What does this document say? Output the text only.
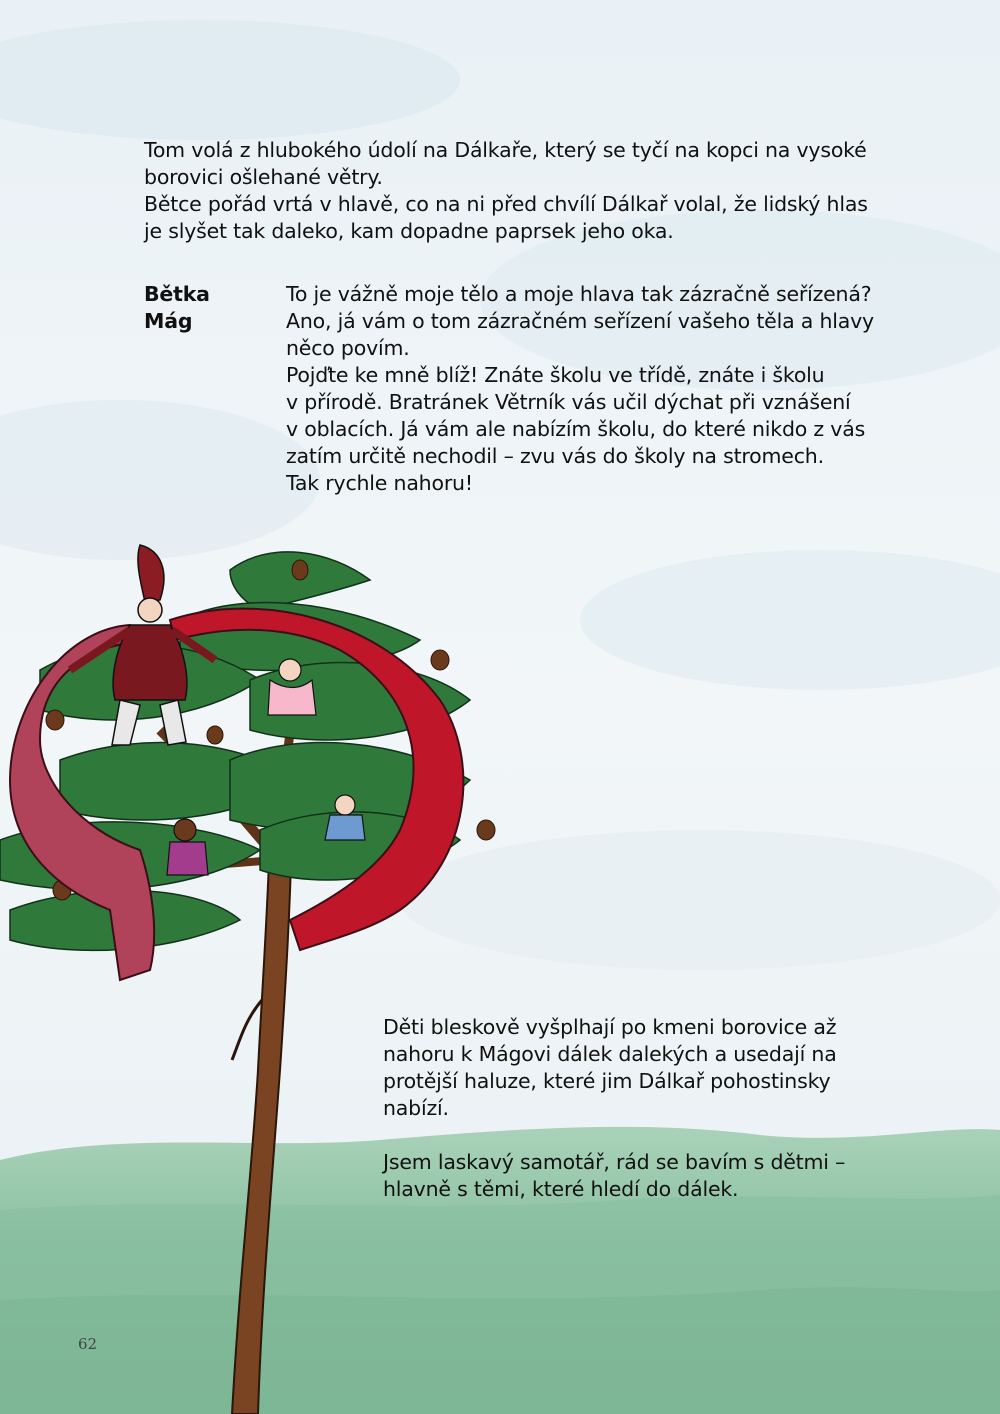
Tom volá z hlubokého údolí na Dálkaře, který se tyčí na kopci na vysoké

borovici ošlehané větry.

Bětce pořád vrtá v hlavě, co na ni před chvílí Dálkař volal, že lidský hlas

je slyšet tak daleko, kam dopadne paprsek jeho oka.

Bětka
Mág

To je vážně moje tělo a moje hlava tak zázračně seřízená?

Ano, já vám o tom zázračném seřízení vašeho těla a hlavy

něco povím.

Pojďte ke mně blíž! Znáte školu ve třídě, znáte i školu

v přírodě. Bratránek Větrník vás učil dýchat při vznášení

v oblacích. Já vám ale nabízím školu, do které nikdo z vás

zatím určitě nechodil – zvu vás do školy na stromech.

Tak rychle nahoru!

Děti bleskově vyšplhají po kmeni borovice až

nahoru k Mágovi dálek dalekých a usedají na

protější haluze, které jim Dálkař pohostinsky

nabízí.

Jsem laskavý samotář, rád se bavím s dětmi –

hlavně s těmi, které hledí do dálek.

62
